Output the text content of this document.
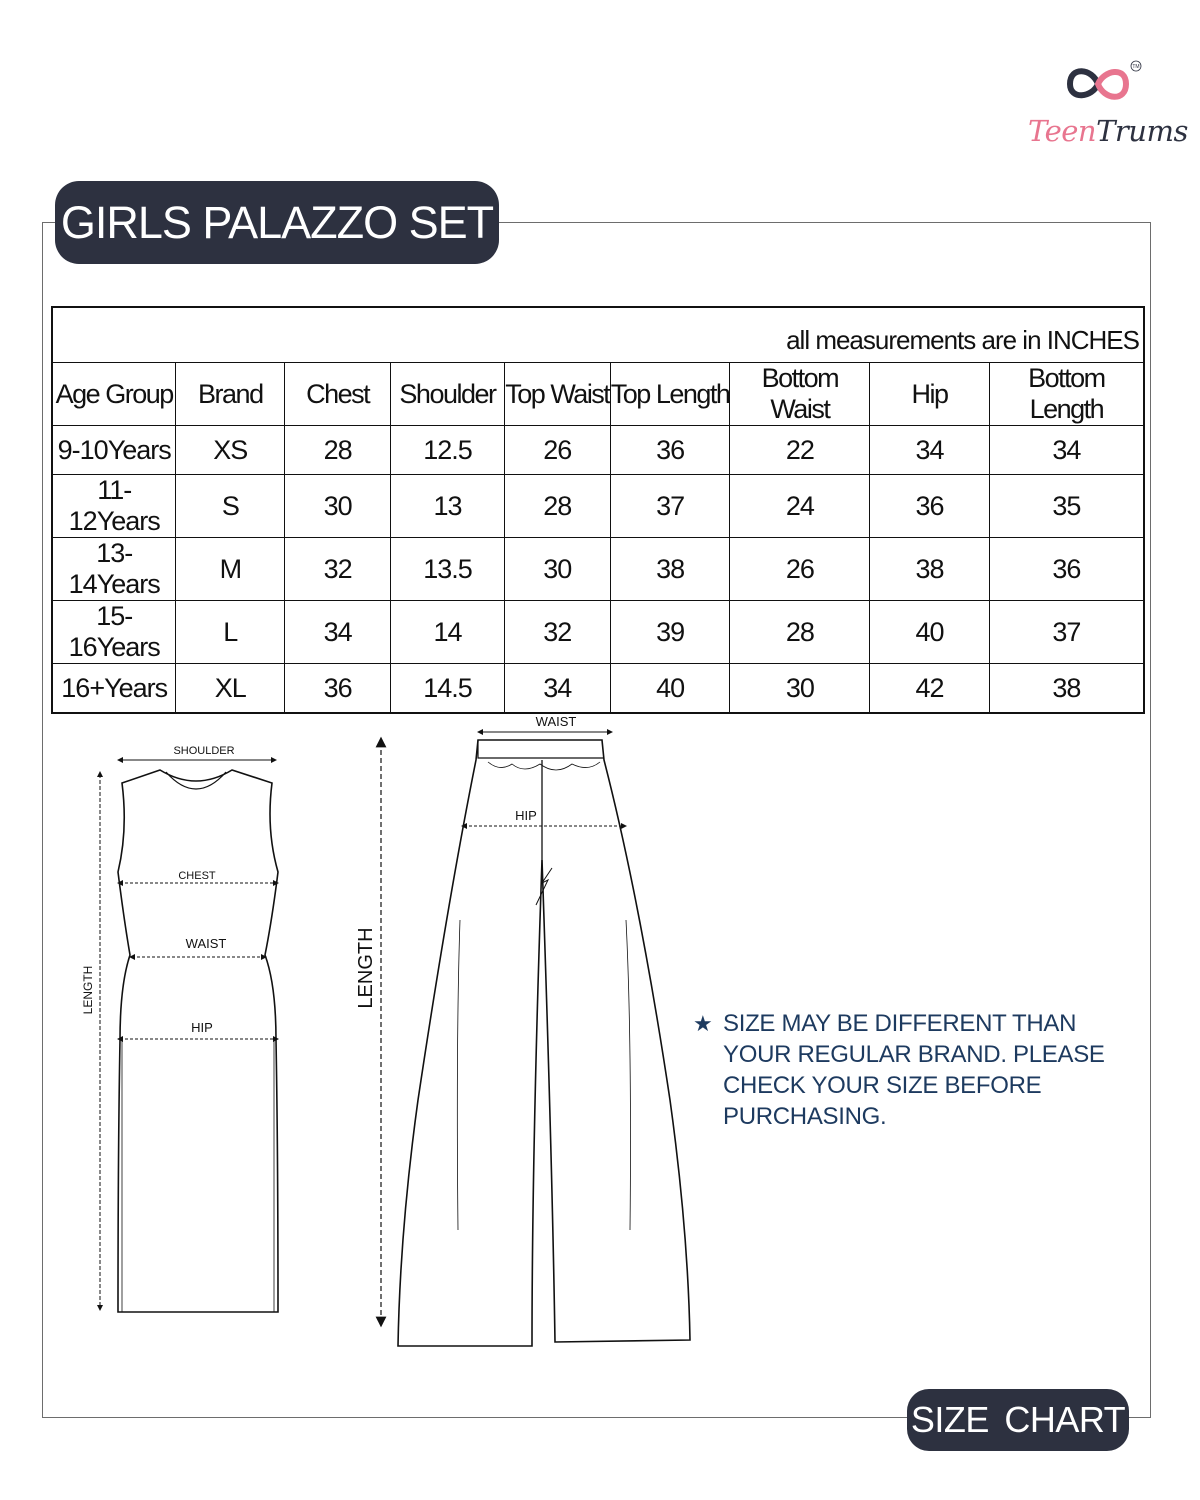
TM
TeenTrums
GIRLS PALAZZO SET
all measurements are in INCHES								
Age Group	Brand	Chest	Shoulder	Top Waist	Top Length	Bottom Waist	Hip	Bottom Length
9-10Years	XS	28	12.5	26	36	22	34	34
11-12Years	S	30	13	28	37	24	36	35
13-14Years	M	32	13.5	30	38	26	38	36
15-16Years	L	34	14	32	39	28	40	37
16+Years	XL	36	14.5	34	40	30	42	38
SHOULDER
CHEST
WAIST
HIP
LENGTH
WAIST
HIP
LENGTH
★ SIZE MAY BE DIFFERENT THAN YOUR REGULAR BRAND. PLEASE CHECK YOUR SIZE BEFORE PURCHASING.
SIZE CHART
